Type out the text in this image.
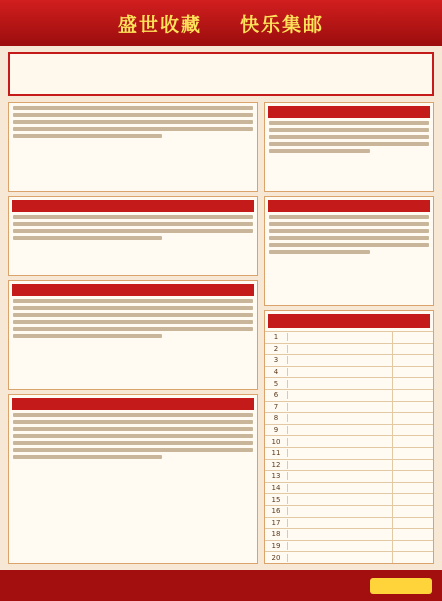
盛世收藏 快乐集邮
1
2
3
4
5
6
7
8
9
10
11
12
13
14
15
16
17
18
19
20
